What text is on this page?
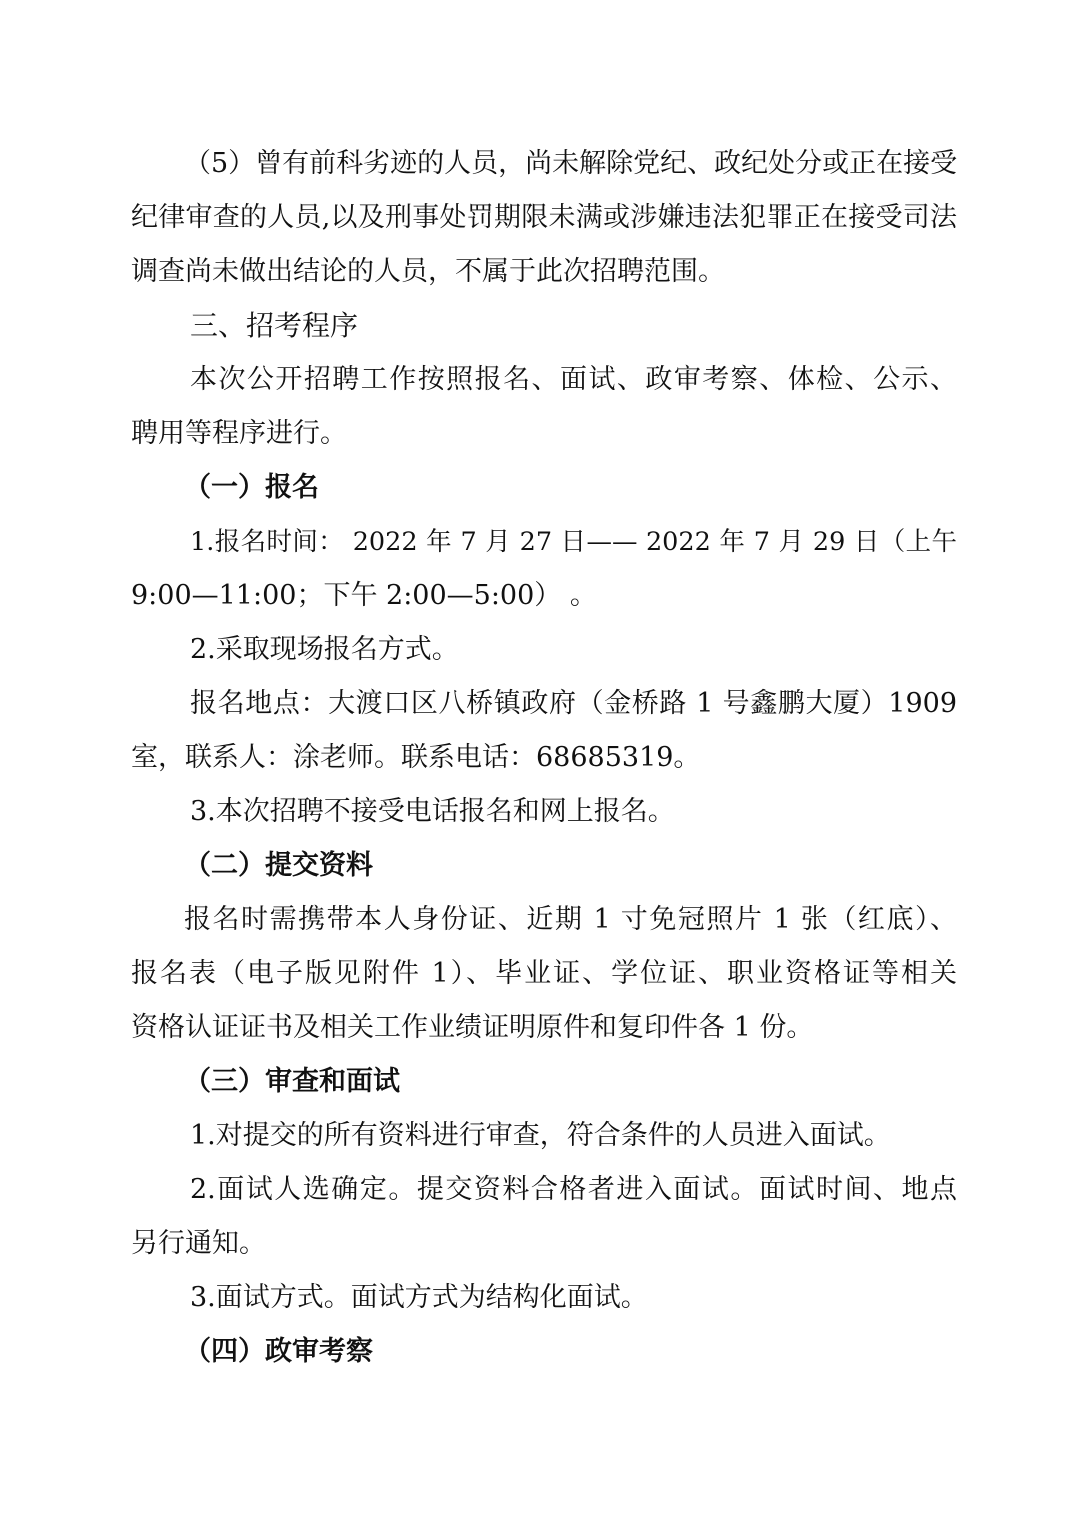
（5）曾有前科劣迹的人员，尚未解除党纪、政纪处分或正在接受
纪律审查的人员,以及刑事处罚期限未满或涉嫌违法犯罪正在接受司法
调查尚未做出结论的人员，不属于此次招聘范围。
三、招考程序
本次公开招聘工作按照报名、面试、政审考察、体检、公示、
聘用等程序进行。
（一）报名
1.报名时间： 2022 年 7 月 27 日—— 2022 年 7 月 29 日（上午
9:00—11:00；下午 2:00—5:00） 。
2.采取现场报名方式。
报名地点：大渡口区八桥镇政府（金桥路 1 号鑫鹏大厦）1909
室，联系人：涂老师。联系电话：68685319。
3.本次招聘不接受电话报名和网上报名。
（二）提交资料
报名时需携带本人身份证、近期 1 寸免冠照片 1 张（红底）、
报名表（电子版见附件 1）、毕业证、学位证、职业资格证等相关
资格认证证书及相关工作业绩证明原件和复印件各 1 份。
（三）审查和面试
1.对提交的所有资料进行审查，符合条件的人员进入面试。
2.面试人选确定。提交资料合格者进入面试。面试时间、地点
另行通知。
3.面试方式。面试方式为结构化面试。
（四）政审考察
